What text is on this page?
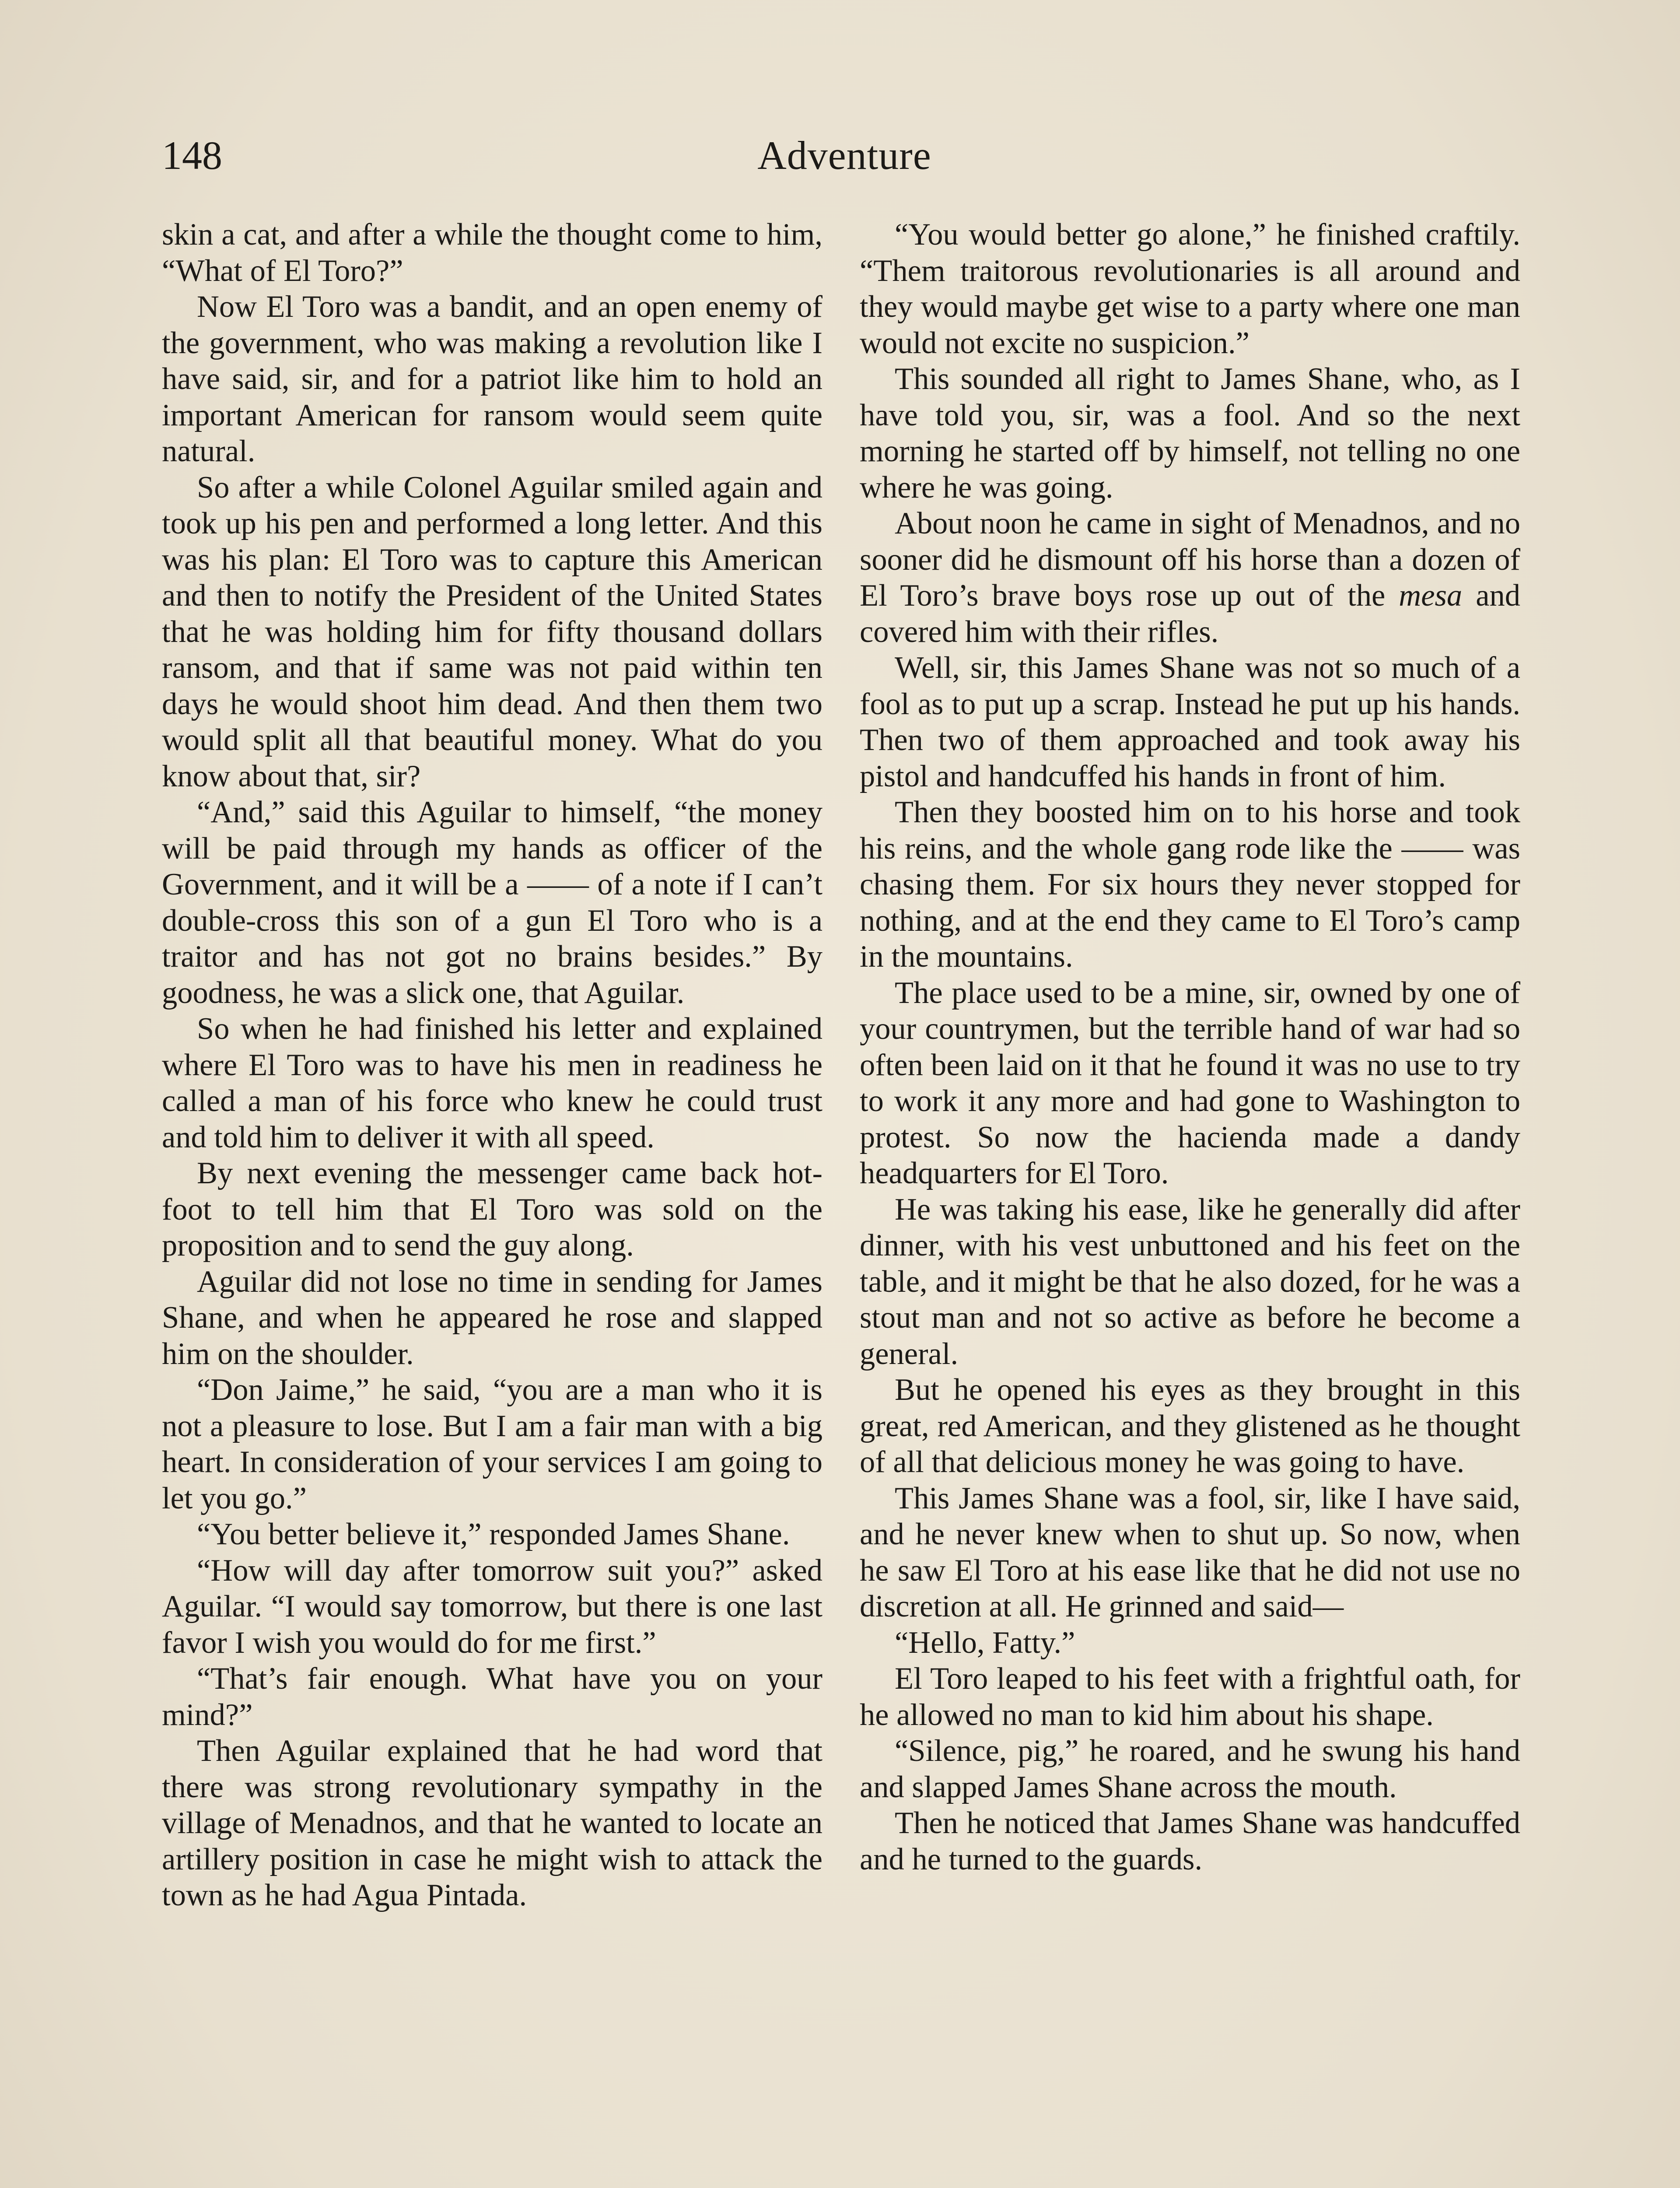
148	Adventure

skin a cat, and after a while the thought come to him, “What of El Toro?”

Now El Toro was a bandit, and an open enemy of the government, who was making a revolution like I have said, sir, and for a patriot like him to hold an important American for ransom would seem quite natural.

So after a while Colonel Aguilar smiled again and took up his pen and performed a long letter. And this was his plan: El Toro was to capture this American and then to notify the President of the United States that he was holding him for fifty thousand dollars ransom, and that if same was not paid within ten days he would shoot him dead. And then them two would split all that beautiful money. What do you know about that, sir?

“And,” said this Aguilar to himself, “the money will be paid through my hands as officer of the Government, and it will be a —— of a note if I can’t double-cross this son of a gun El Toro who is a traitor and has not got no brains besides.” By goodness, he was a slick one, that Aguilar.

So when he had finished his letter and explained where El Toro was to have his men in readiness he called a man of his force who knew he could trust and told him to deliver it with all speed.

By next evening the messenger came back hot-foot to tell him that El Toro was sold on the proposition and to send the guy along.

Aguilar did not lose no time in sending for James Shane, and when he appeared he rose and slapped him on the shoulder.

“Don Jaime,” he said, “you are a man who it is not a pleasure to lose. But I am a fair man with a big heart. In consideration of your services I am going to let you go.”

“You better believe it,” responded James Shane.

“How will day after tomorrow suit you?” asked Aguilar. “I would say tomorrow, but there is one last favor I wish you would do for me first.”

“That’s fair enough. What have you on your mind?”

Then Aguilar explained that he had word that there was strong revolutionary sympathy in the village of Menadnos, and that he wanted to locate an artillery position in case he might wish to attack the town as he had Agua Pintada.

“You would better go alone,” he finished craftily. “Them traitorous revolutionaries is all around and they would maybe get wise to a party where one man would not excite no suspicion.”

This sounded all right to James Shane, who, as I have told you, sir, was a fool. And so the next morning he started off by himself, not telling no one where he was going.

About noon he came in sight of Menadnos, and no sooner did he dismount off his horse than a dozen of El Toro’s brave boys rose up out of the mesa and covered him with their rifles.

Well, sir, this James Shane was not so much of a fool as to put up a scrap. Instead he put up his hands. Then two of them approached and took away his pistol and handcuffed his hands in front of him.

Then they boosted him on to his horse and took his reins, and the whole gang rode like the —— was chasing them. For six hours they never stopped for nothing, and at the end they came to El Toro’s camp in the mountains.

The place used to be a mine, sir, owned by one of your countrymen, but the terrible hand of war had so often been laid on it that he found it was no use to try to work it any more and had gone to Washington to protest. So now the hacienda made a dandy headquarters for El Toro.

He was taking his ease, like he generally did after dinner, with his vest unbuttoned and his feet on the table, and it might be that he also dozed, for he was a stout man and not so active as before he become a general.

But he opened his eyes as they brought in this great, red American, and they glistened as he thought of all that delicious money he was going to have.

This James Shane was a fool, sir, like I have said, and he never knew when to shut up. So now, when he saw El Toro at his ease like that he did not use no discretion at all. He grinned and said—

“Hello, Fatty.”

El Toro leaped to his feet with a frightful oath, for he allowed no man to kid him about his shape.

“Silence, pig,” he roared, and he swung his hand and slapped James Shane across the mouth.

Then he noticed that James Shane was handcuffed and he turned to the guards.
